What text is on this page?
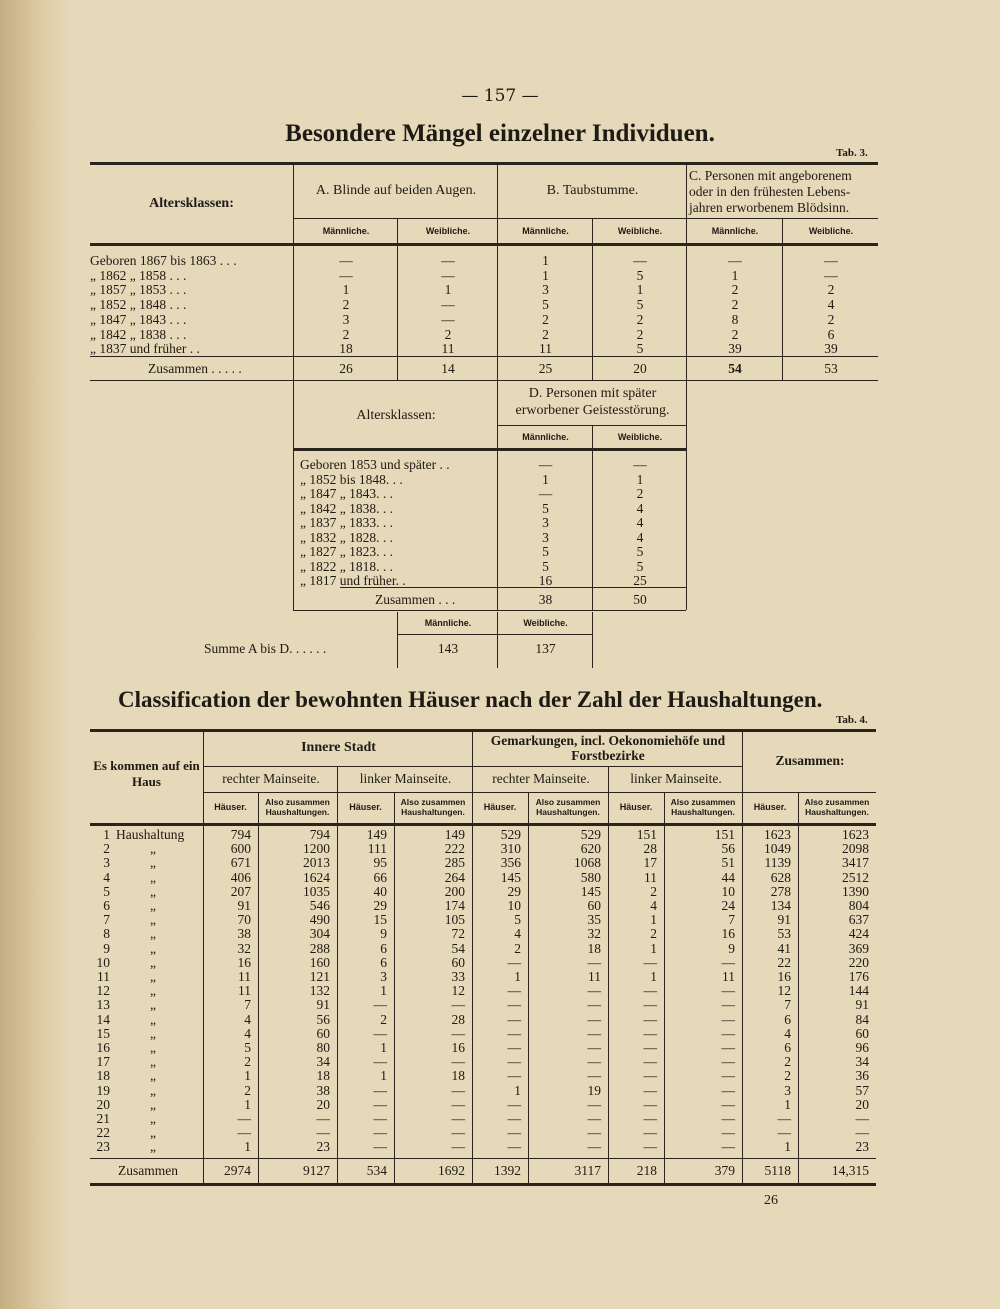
— 157 —
Besondere Mängel einzelner Individuen.
Tab. 3.
Altersklassen:
A. Blinde auf beiden Augen.	B. Taubstumme.
C. Personen mit angeborenem oder in den frühesten Lebens-jahren erworbenem Blödsinn.
Männliche.	Weibliche.	Männliche.	Weibliche.	Männliche.	Weibliche.
Geboren 1867 bis 1863 . . .	—	—	1	—	—	—
„ 1862 „ 1858 . . .	—	—	1	5	1	—
„ 1857 „ 1853 . . .	1	1	3	1	2	2
„ 1852 „ 1848 . . .	2	—	5	5	2	4
„ 1847 „ 1843 . . .	3	—	2	2	8	2
„ 1842 „ 1838 . . .	2	2	2	2	2	6
„ 1837 und früher . .	18	11	11	5	39	39
Zusammen . . . . .	26	14	25	20	54	53
Altersklassen:
D. Personen mit später erworbener Geistesstörung.
Männliche.	Weibliche.
Geboren 1853 und später . .	—	—
„ 1852 bis 1848. . .	1	1
„ 1847 „ 1843. . .	—	2
„ 1842 „ 1838. . .	5	4
„ 1837 „ 1833. . .	3	4
„ 1832 „ 1828. . .	3	4
„ 1827 „ 1823. . .	5	5
„ 1822 „ 1818. . .	5	5
„ 1817 und früher. .	16	25
Zusammen . . .	38	50
Männliche.	Weibliche.
Summe A bis D. . . . . .	143	137
Classification der bewohnten Häuser nach der Zahl der Haushaltungen.
Tab. 4.
Es kommen auf ein Haus
Innere Stadt	Gemarkungen, incl. Oekonomiehöfe und Forstbezirke	Zusammen:
rechter Mainseite.	linker Mainseite.	rechter Mainseite.	linker Mainseite.
Häuser.	Also zusammen Haushaltungen.	Häuser.	Also zusammen Haushaltungen.	Häuser.	Also zusammen Haushaltungen.	Häuser.	Also zusammen Haushaltungen.	Häuser.	Also zusammen Haushaltungen.
1 Haushaltung	794	794	149	149	529	529	151	151	1623	1623
2	„	600	1200	111	222	310	620	28	56	1049	2098
3	„	671	2013	95	285	356	1068	17	51	1139	3417
4	„	406	1624	66	264	145	580	11	44	628	2512
5	„	207	1035	40	200	29	145	2	10	278	1390
6	„	91	546	29	174	10	60	4	24	134	804
7	„	70	490	15	105	5	35	1	7	91	637
8	„	38	304	9	72	4	32	2	16	53	424
9	„	32	288	6	54	2	18	1	9	41	369
10	„	16	160	6	60	—	—	—	—	22	220
11	„	11	121	3	33	1	11	1	11	16	176
12	„	11	132	1	12	—	—	—	—	12	144
13	„	7	91	—	—	—	—	—	—	7	91
14	„	4	56	2	28	—	—	—	—	6	84
15	„	4	60	—	—	—	—	—	—	4	60
16	„	5	80	1	16	—	—	—	—	6	96
17	„	2	34	—	—	—	—	—	—	2	34
18	„	1	18	1	18	—	—	—	—	2	36
19	„	2	38	—	—	1	19	—	—	3	57
20	„	1	20	—	—	—	—	—	—	1	20
21	„	—	—	—	—	—	—	—	—	—	—
22	„	—	—	—	—	—	—	—	—	—	—
23	„	1	23	—	—	—	—	—	—	1	23
Zusammen	2974	9127	534	1692	1392	3117	218	379	5118	14,315
26
